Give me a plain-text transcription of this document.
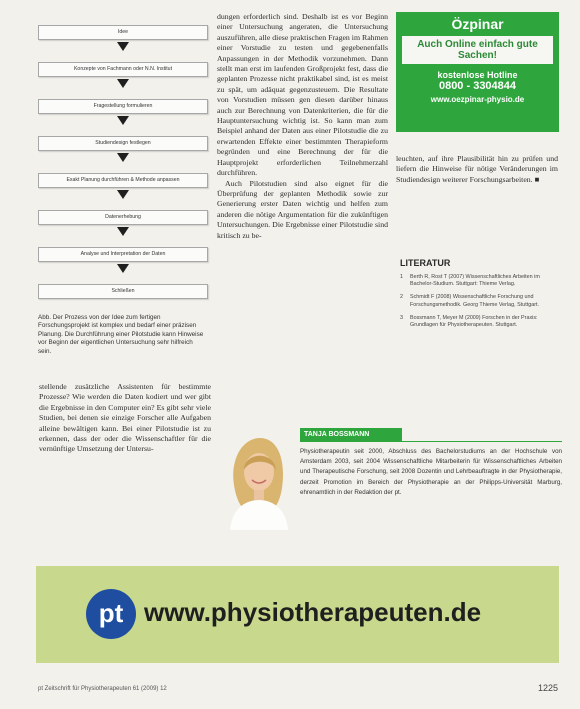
Idee
Konzepte von Fachmann oder N.N. Institut
Fragestellung formulieren
Studiendesign festlegen
Exakt Planung durchführen & Methode anpassen
Datenerhebung
Analyse und Interpretation der Daten
Schließen
Abb. Der Prozess von der Idee zum fertigen Forschungsprojekt ist komplex und bedarf einer präzisen Planung. Die Durchführung einer Pilotstudie kann Hinweise vor Beginn der eigentlichen Untersuchung sehr hilfreich sein.

dungen erforderlich sind. Deshalb ist es vor Beginn einer Untersuchung angeraten, die Untersuchung auszuführen, alle diese praktischen Fragen im Rahmen einer Vorstudie zu testen und gegebenenfalls Anpassungen in der Methodik vorzunehmen. Dann stellt man erst im laufenden Großprojekt fest, dass die geplanten Prozesse nicht praktikabel sind, ist es meist zu spät, um adäquat gegenzusteuern. Die Resultate von Vorstudien müssen gen diesen darüber hinaus auch zur Berechnung von Datenkriterien, die für die Hauptuntersuchung wichtig ist. So kann man zum Beispiel anhand der Daten aus einer Pilotstudie die zu erwartenden Effekte einer bestimmten Therapieform begründen und eine Berechnung der für die Hauptprojekt erforderlichen Teilnehmerzahl durchführen.

Auch Pilotstudien sind also eignet für die Überprüfung der geplanten Methodik sowie zur Generierung erster Daten wichtig und helfen zum anderen die nötige Argumentation für die zukünftigen Untersuchungen. Die Ergebnisse einer Pilotstudie sind kritisch zu be-

stellende zusätzliche Assistenten für bestimmte Prozesse? Wie werden die Daten kodiert und wer gibt die Ergebnisse in den Computer ein? Es gibt sehr viele Studien, bei denen sie einzige Forscher alle Aufgaben alleine bewältigen kann. Bei einer Pilotstudie ist zu erkennen, dass der oder die Wissenschaftler für die vernünftige Umsetzung der Untersu-

Özpinar
Auch Online einfach gute Sachen!
kostenlose Hotline
0800 - 3304844
www.oezpinar-physio.de

leuchten, auf ihre Plausibilität hin zu prüfen und liefern die Hinweise für nötige Veränderungen im Studiendesign weiterer Forschungsarbeiten. ■

LITERATUR
1	Berth R, Rost T (2007) Wissenschaftliches Arbeiten im Bachelor-Studium. Stuttgart: Thieme Verlag.
2	Schmidt F (2008) Wissenschaftliche Forschung und Forschungsmethodik. Georg Thieme Verlag, Stuttgart.
3	Bossmann T, Meyer M (2009) Forschen in der Praxis: Grundlagen für Physiotherapeuten. Stuttgart.
TANJA BOSSMANN
Physiotherapeutin seit 2000, Abschluss des Bachelorstudiums an der Hochschule von Amsterdam 2003, seit 2004 Wissenschaftliche Mitarbeiterin für Wissenschaftliches Arbeiten und Therapeutische Forschung, seit 2008 Dozentin und Lehrbeauftragte in der Physiotherapie, derzeit Promotion im Bereich der Physiotherapie an der Philipps-Universität Marburg, ehrenamtlich in der Redaktion der pt.
pt www.physiotherapeuten.de
pt Zeitschrift für Physiotherapeuten 61 (2009) 12	1225
